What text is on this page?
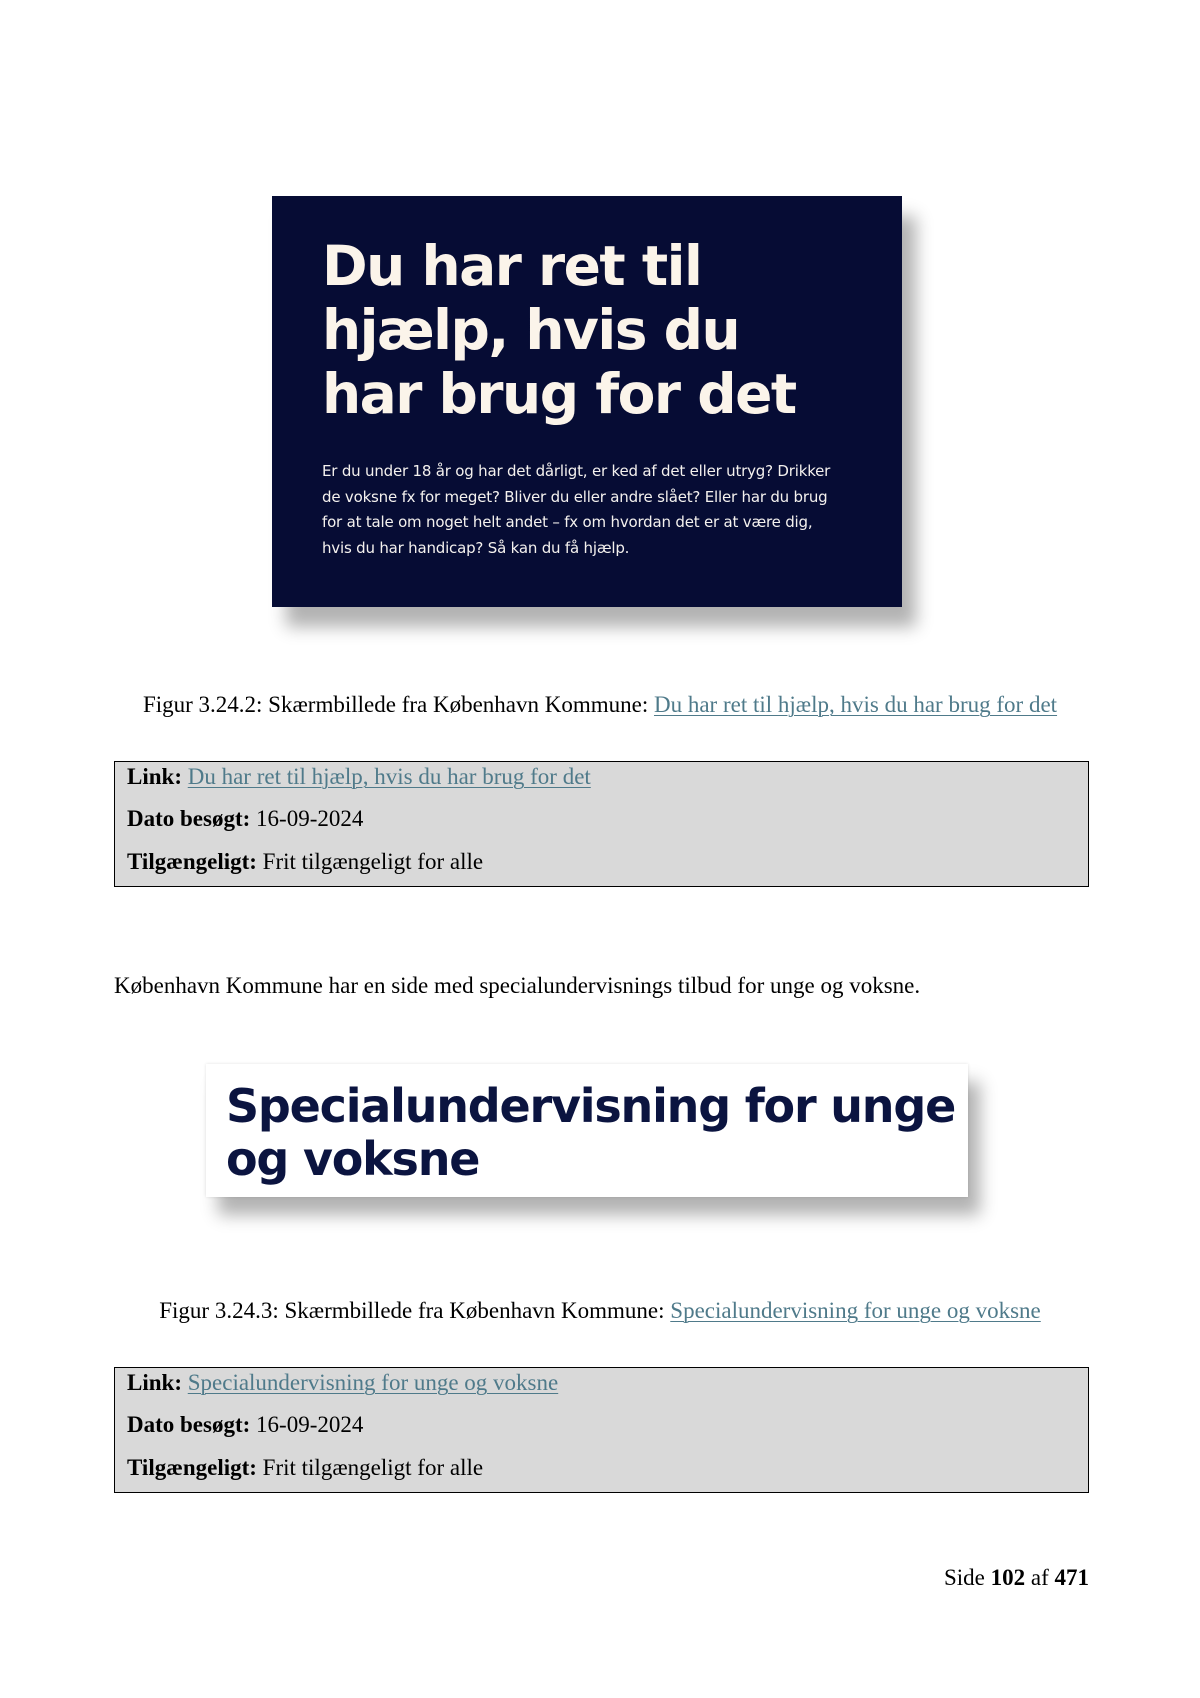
Du har ret til
hjælp, hvis du
har brug for det

Er du under 18 år og har det dårligt, er ked af det eller utryg? Drikker
de voksne fx for meget? Bliver du eller andre slået? Eller har du brug
for at tale om noget helt andet – fx om hvordan det er at være dig,
hvis du har handicap? Så kan du få hjælp.

Figur 3.24.2: Skærmbillede fra København Kommune: Du har ret til hjælp, hvis du har brug for det
Link: Du har ret til hjælp, hvis du har brug for det
Dato besøgt: 16-09-2024
Tilgængeligt: Frit tilgængeligt for alle

København Kommune har en side med specialundervisnings tilbud for unge og voksne.

Specialundervisning for unge
og voksne
Figur 3.24.3: Skærmbillede fra København Kommune: Specialundervisning for unge og voksne
Link: Specialundervisning for unge og voksne
Dato besøgt: 16-09-2024
Tilgængeligt: Frit tilgængeligt for alle
Side 102 af 471
